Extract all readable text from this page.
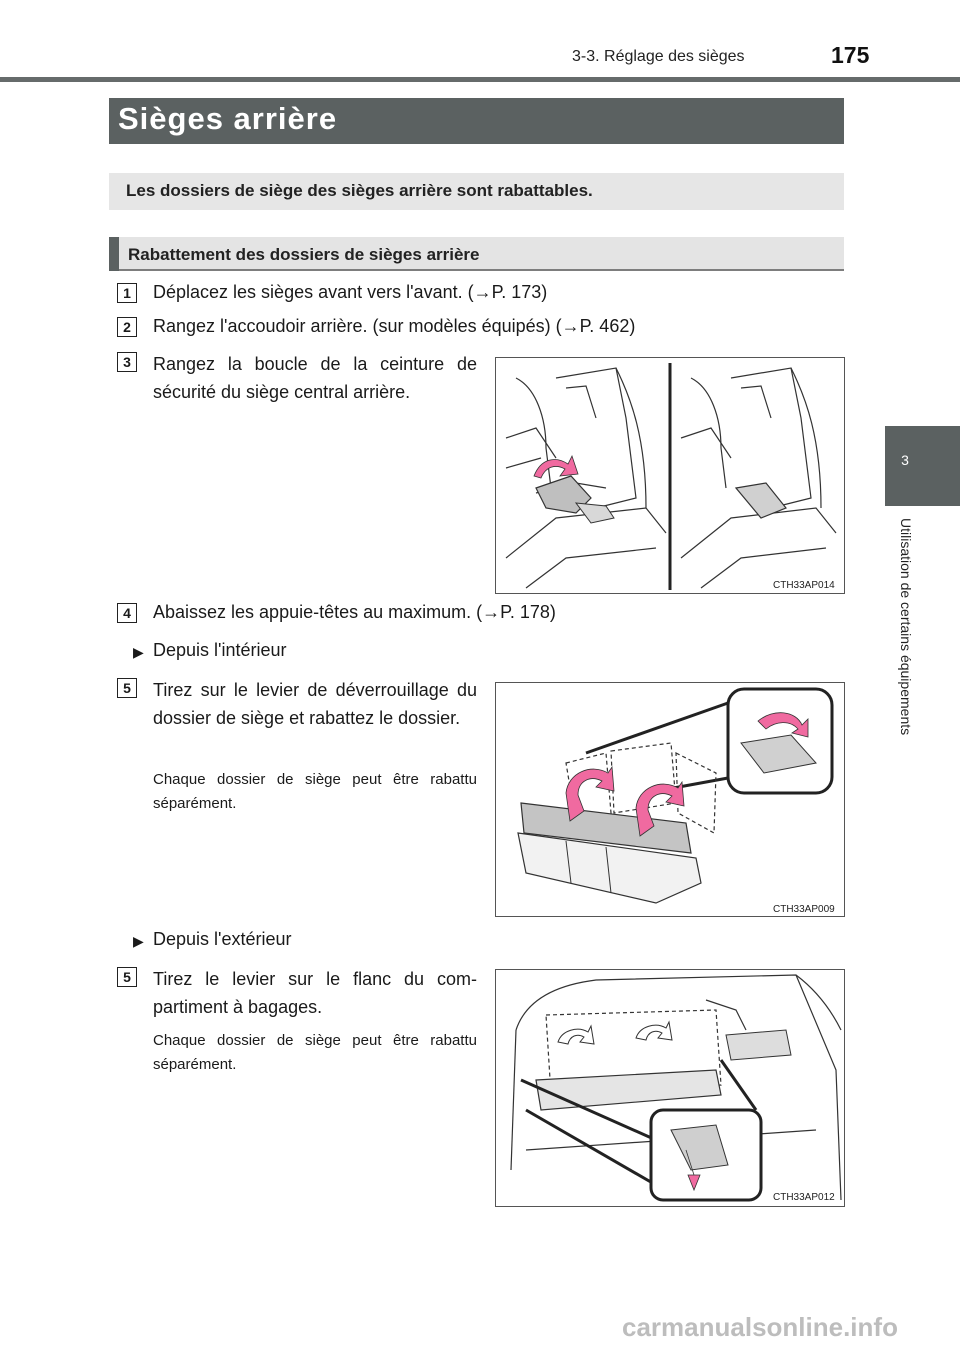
3-3. Réglage des sièges	175
3
Utilisation de certains équipements
Sièges arrière
Les dossiers de siège des sièges arrière sont rabattables.
Rabattement des dossiers de sièges arrière
1	Déplacez les sièges avant vers l'avant. (→P. 173)
2	Rangez l'accoudoir arrière. (sur modèles équipés) (→P. 462)
3	Rangez la boucle de la ceinture de sécurité du siège central arrière.
CTH33AP014
4	Abaissez les appuie-têtes au maximum. (→P. 178)
▶ Depuis l'intérieur
5	Tirez sur le levier de déverrouillage du dossier de siège et rabattez le dossier.
Chaque dossier de siège peut être rabattu séparément.
CTH33AP009
▶ Depuis l'extérieur
5	Tirez le levier sur le flanc du com-partiment à bagages.
Chaque dossier de siège peut être rabattu séparément.
CTH33AP012
carmanualsonline.info
